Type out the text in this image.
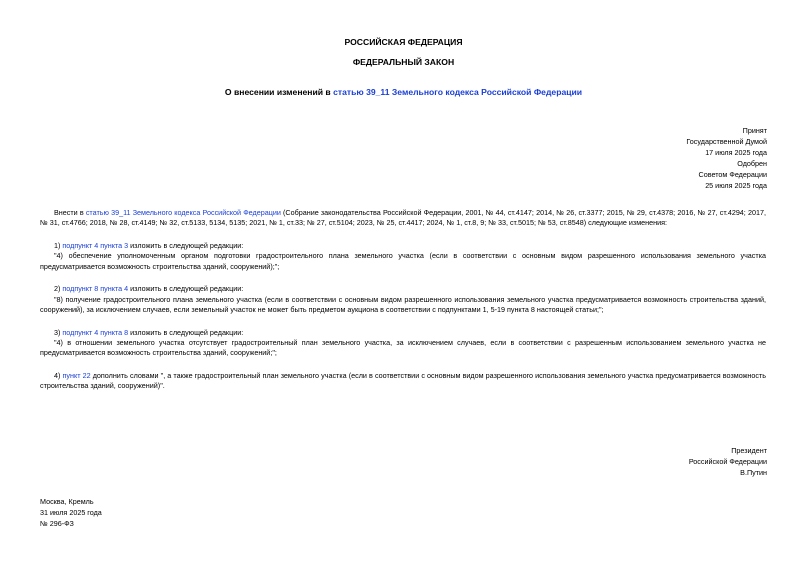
РОССИЙСКАЯ ФЕДЕРАЦИЯ
ФЕДЕРАЛЬНЫЙ ЗАКОН
О внесении изменений в статью 39_11 Земельного кодекса Российской Федерации
Принят
Государственной Думой
17 июля 2025 года
Одобрен
Советом Федерации
25 июля 2025 года

Внести в статью 39_11 Земельного кодекса Российской Федерации (Собрание законодательства Российской Федерации, 2001, № 44, ст.4147; 2014, № 26, ст.3377; 2015, № 29, ст.4378; 2016, № 27, ст.4294; 2017, № 31, ст.4766; 2018, № 28, ст.4149; № 32, ст.5133, 5134, 5135; 2021, № 1, ст.33; № 27, ст.5104; 2023, № 25, ст.4417; 2024, № 1, ст.8, 9; № 33, ст.5015; № 53, ст.8548) следующие изменения:

1) подпункт 4 пункта 3 изложить в следующей редакции:

"4) обеспечение уполномоченным органом подготовки градостроительного плана земельного участка (если в соответствии с основным видом разрешенного использования земельного участка предусматривается возможность строительства зданий, сооружений);";

2) подпункт 8 пункта 4 изложить в следующей редакции:

"8) получение градостроительного плана земельного участка (если в соответствии с основным видом разрешенного использования земельного участка предусматривается возможность строительства зданий, сооружений), за исключением случаев, если земельный участок не может быть предметом аукциона в соответствии с подпунктами 1, 5-19 пункта 8 настоящей статьи;";

3) подпункт 4 пункта 8 изложить в следующей редакции:

"4) в отношении земельного участка отсутствует градостроительный план земельного участка, за исключением случаев, если в соответствии с разрешенным использованием земельного участка не предусматривается возможность строительства зданий, сооружений;";

4) пункт 22 дополнить словами ", а также градостроительный план земельного участка (если в соответствии с основным видом разрешенного использования земельного участка предусматривается возможность строительства зданий, сооружений)".

Президент
Российской Федерации
В.Путин
Москва, Кремль
31 июля 2025 года
№ 296-ФЗ
